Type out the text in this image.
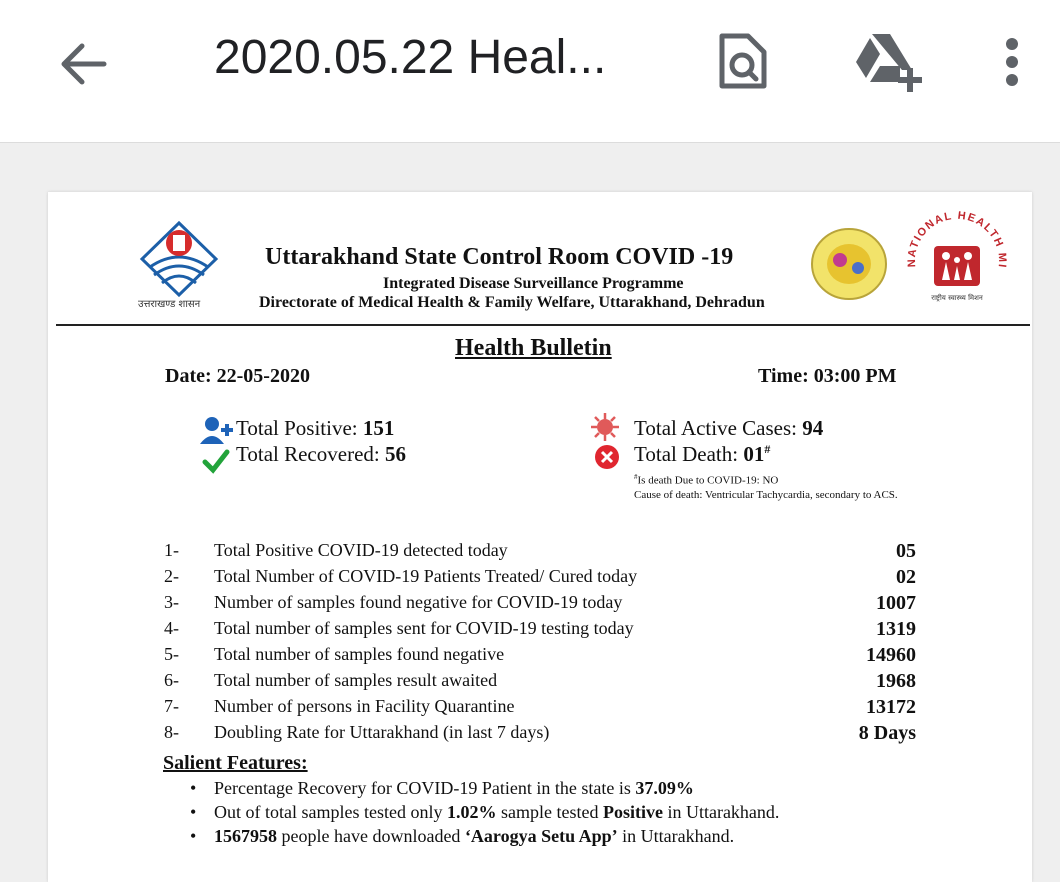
2020.05.22 Heal...
उत्तराखण्ड शासन
Uttarakhand State Control Room COVID -19
Integrated Disease Surveillance Programme
Directorate of Medical Health & Family Welfare, Uttarakhand, Dehradun
NATIONAL HEALTH MI
राष्ट्रीय स्वास्थ्य मिशन
Health Bulletin
Date: 22-05-2020	Time: 03:00 PM
Total Positive: 151
Total Recovered: 56
Total Active Cases: 94
Total Death: 01#
#Is death Due to COVID-19: NO
Cause of death: Ventricular Tachycardia, secondary to ACS.
1- Total Positive COVID-19 detected today	05
2- Total Number of COVID-19 Patients Treated/ Cured today	02
3- Number of samples found negative for COVID-19 today	1007
4- Total number of samples sent for COVID-19 testing today	1319
5- Total number of samples found negative	14960
6- Total number of samples result awaited	1968
7- Number of persons in Facility Quarantine	13172
8- Doubling Rate for Uttarakhand (in last 7 days)	8 Days
Salient Features:
• Percentage Recovery for COVID-19 Patient in the state is 37.09%
• Out of total samples tested only 1.02% sample tested Positive in Uttarakhand.
• 1567958 people have downloaded ‘Aarogya Setu App’ in Uttarakhand.
